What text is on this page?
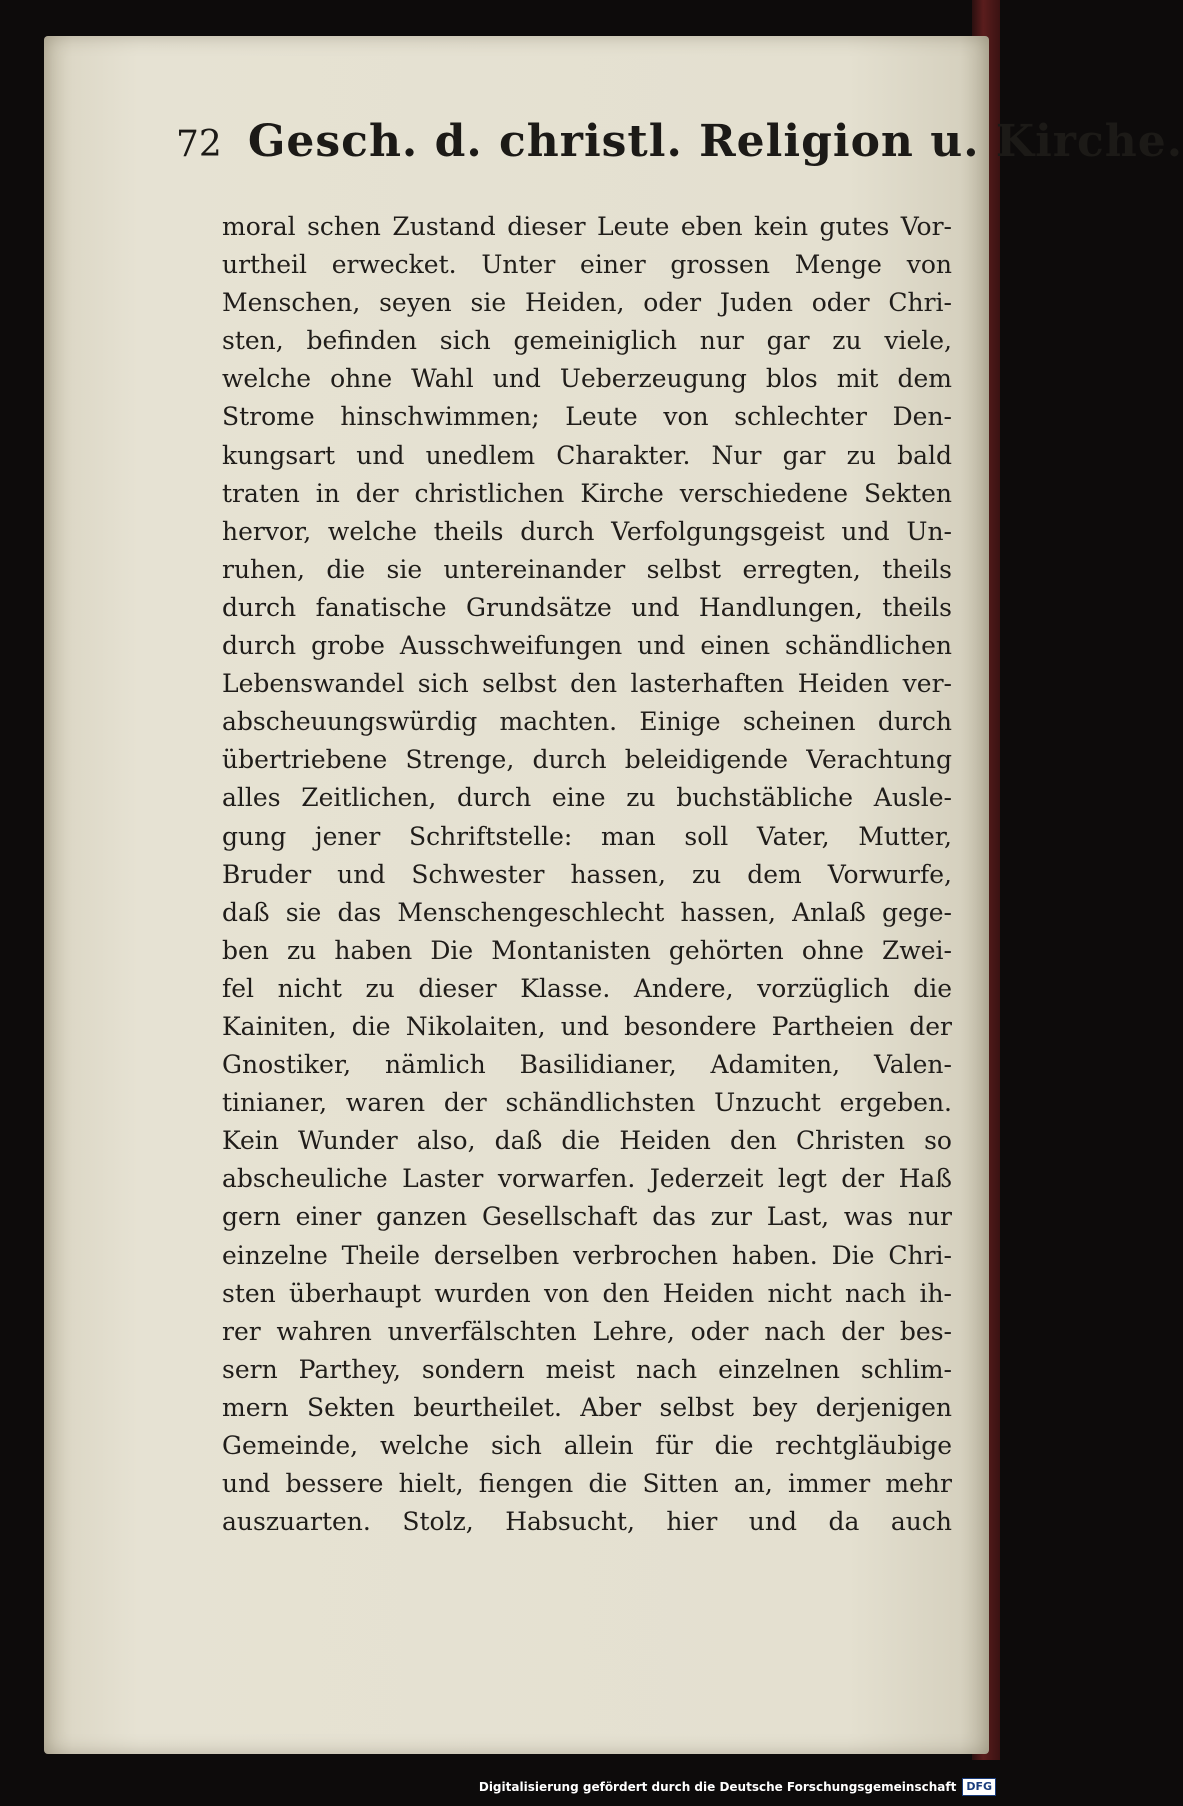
72 Gesch. d. christl. Religion u. Kirche.
moral schen Zustand dieser Leute eben kein gutes Vor-
urtheil erwecket. Unter einer grossen Menge von
Menschen, seyen sie Heiden, oder Juden oder Chri-
sten, befinden sich gemeiniglich nur gar zu viele,
welche ohne Wahl und Ueberzeugung blos mit dem
Strome hinschwimmen; Leute von schlechter Den-
kungsart und unedlem Charakter. Nur gar zu bald
traten in der christlichen Kirche verschiedene Sekten
hervor, welche theils durch Verfolgungsgeist und Un-
ruhen, die sie untereinander selbst erregten, theils
durch fanatische Grundsätze und Handlungen, theils
durch grobe Ausschweifungen und einen schändlichen
Lebenswandel sich selbst den lasterhaften Heiden ver-
abscheuungswürdig machten. Einige scheinen durch
übertriebene Strenge, durch beleidigende Verachtung
alles Zeitlichen, durch eine zu buchstäbliche Ausle-
gung jener Schriftstelle: man soll Vater, Mutter,
Bruder und Schwester hassen, zu dem Vorwurfe,
daß sie das Menschengeschlecht hassen, Anlaß gege-
ben zu haben Die Montanisten gehörten ohne Zwei-
fel nicht zu dieser Klasse. Andere, vorzüglich die
Kainiten, die Nikolaiten, und besondere Partheien der
Gnostiker, nämlich Basilidianer, Adamiten, Valen-
tinianer, waren der schändlichsten Unzucht ergeben.
Kein Wunder also, daß die Heiden den Christen so
abscheuliche Laster vorwarfen. Jederzeit legt der Haß
gern einer ganzen Gesellschaft das zur Last, was nur
einzelne Theile derselben verbrochen haben. Die Chri-
sten überhaupt wurden von den Heiden nicht nach ih-
rer wahren unverfälschten Lehre, oder nach der bes-
sern Parthey, sondern meist nach einzelnen schlim-
mern Sekten beurtheilet. Aber selbst bey derjenigen
Gemeinde, welche sich allein für die rechtgläubige
und bessere hielt, fiengen die Sitten an, immer mehr
auszuarten. Stolz, Habsucht, hier und da auch
Digitalisierung gefördert durch die Deutsche Forschungsgemeinschaft DFG
